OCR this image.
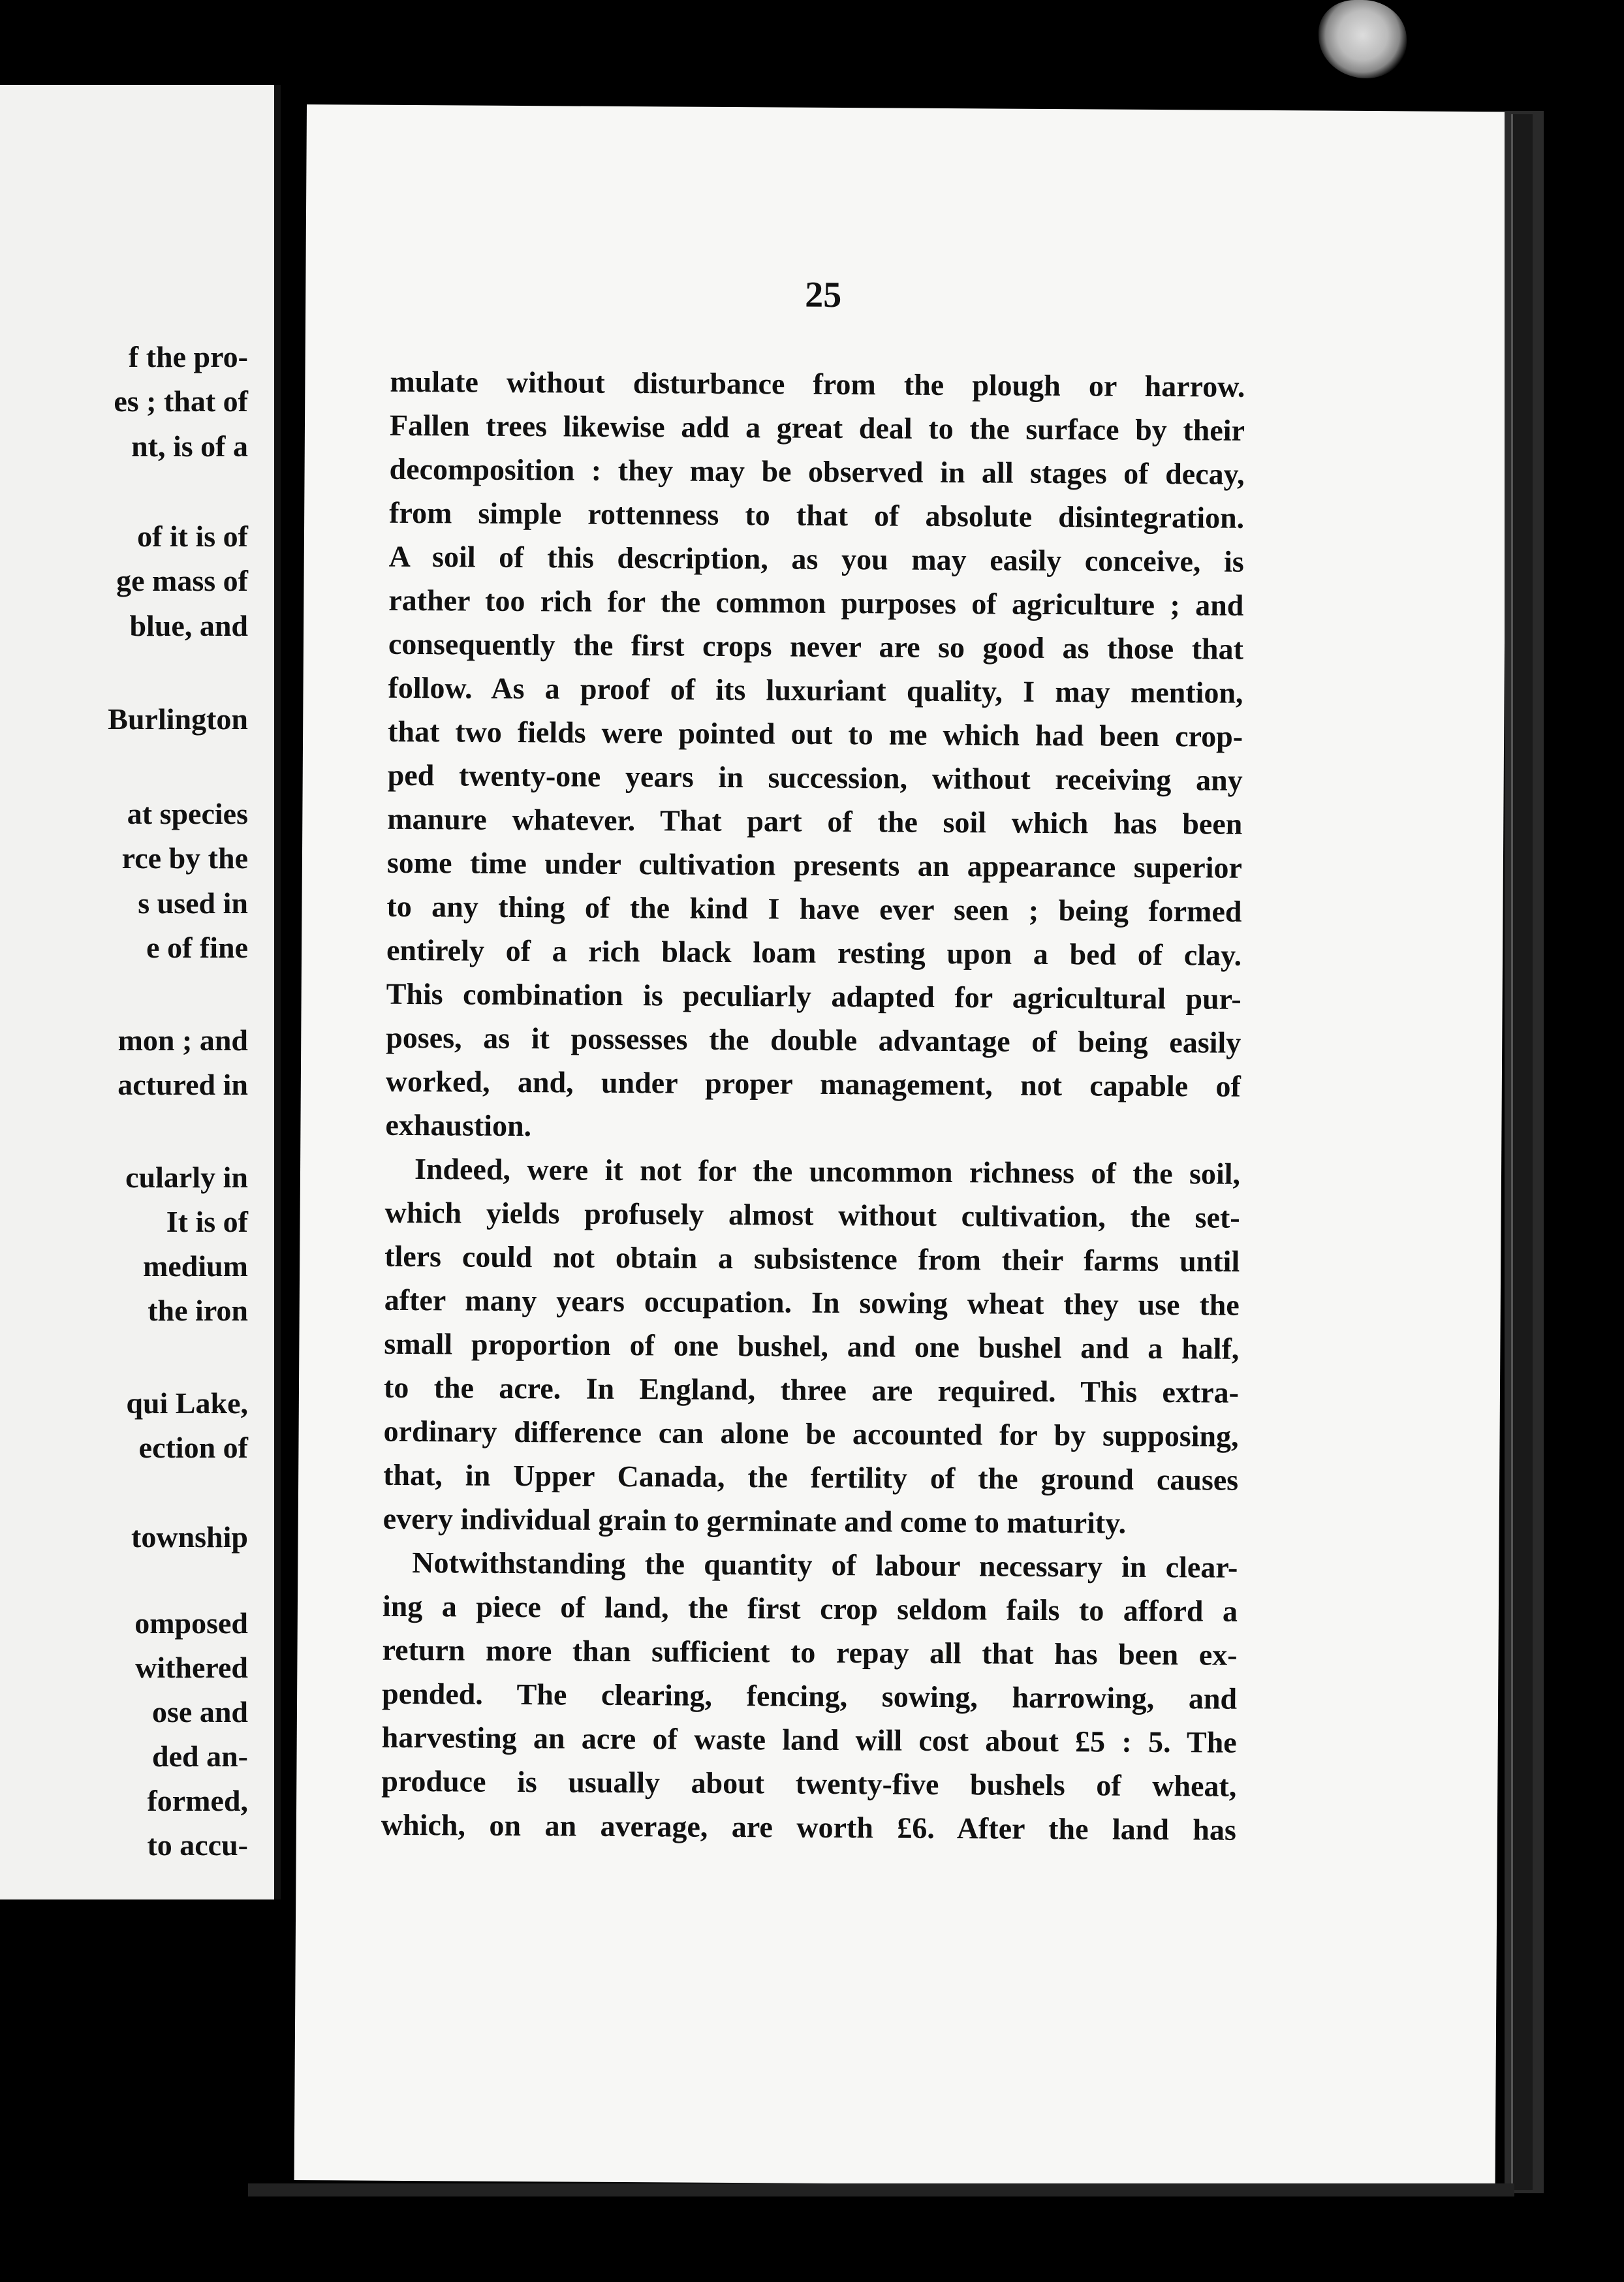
f the pro-
es ; that of
nt, is of a
of it is of
ge mass of
blue, and
Burlington
at species
rce by the
s used in
e of fine
mon ; and
actured in
cularly in
It is of
medium
the iron
qui Lake,
ection of
township
omposed
withered
ose and
ded an-
formed,
to accu-
25
mulate without disturbance from the plough or harrow.
Fallen trees likewise add a great deal to the surface by their
decomposition : they may be observed in all stages of decay,
from simple rottenness to that of absolute disintegration.
A soil of this description, as you may easily conceive, is
rather too rich for the common purposes of agriculture ; and
consequently the first crops never are so good as those that
follow. As a proof of its luxuriant quality, I may mention,
that two fields were pointed out to me which had been crop-
ped twenty-one years in succession, without receiving any
manure whatever. That part of the soil which has been
some time under cultivation presents an appearance superior
to any thing of the kind I have ever seen ; being formed
entirely of a rich black loam resting upon a bed of clay.
This combination is peculiarly adapted for agricultural pur-
poses, as it possesses the double advantage of being easily
worked, and, under proper management, not capable of
exhaustion.
Indeed, were it not for the uncommon richness of the soil,
which yields profusely almost without cultivation, the set-
tlers could not obtain a subsistence from their farms until
after many years occupation. In sowing wheat they use the
small proportion of one bushel, and one bushel and a half,
to the acre. In England, three are required. This extra-
ordinary difference can alone be accounted for by supposing,
that, in Upper Canada, the fertility of the ground causes
every individual grain to germinate and come to maturity.
Notwithstanding the quantity of labour necessary in clear-
ing a piece of land, the first crop seldom fails to afford a
return more than sufficient to repay all that has been ex-
pended. The clearing, fencing, sowing, harrowing, and
harvesting an acre of waste land will cost about £5 : 5. The
produce is usually about twenty-five bushels of wheat,
which, on an average, are worth £6. After the land has
